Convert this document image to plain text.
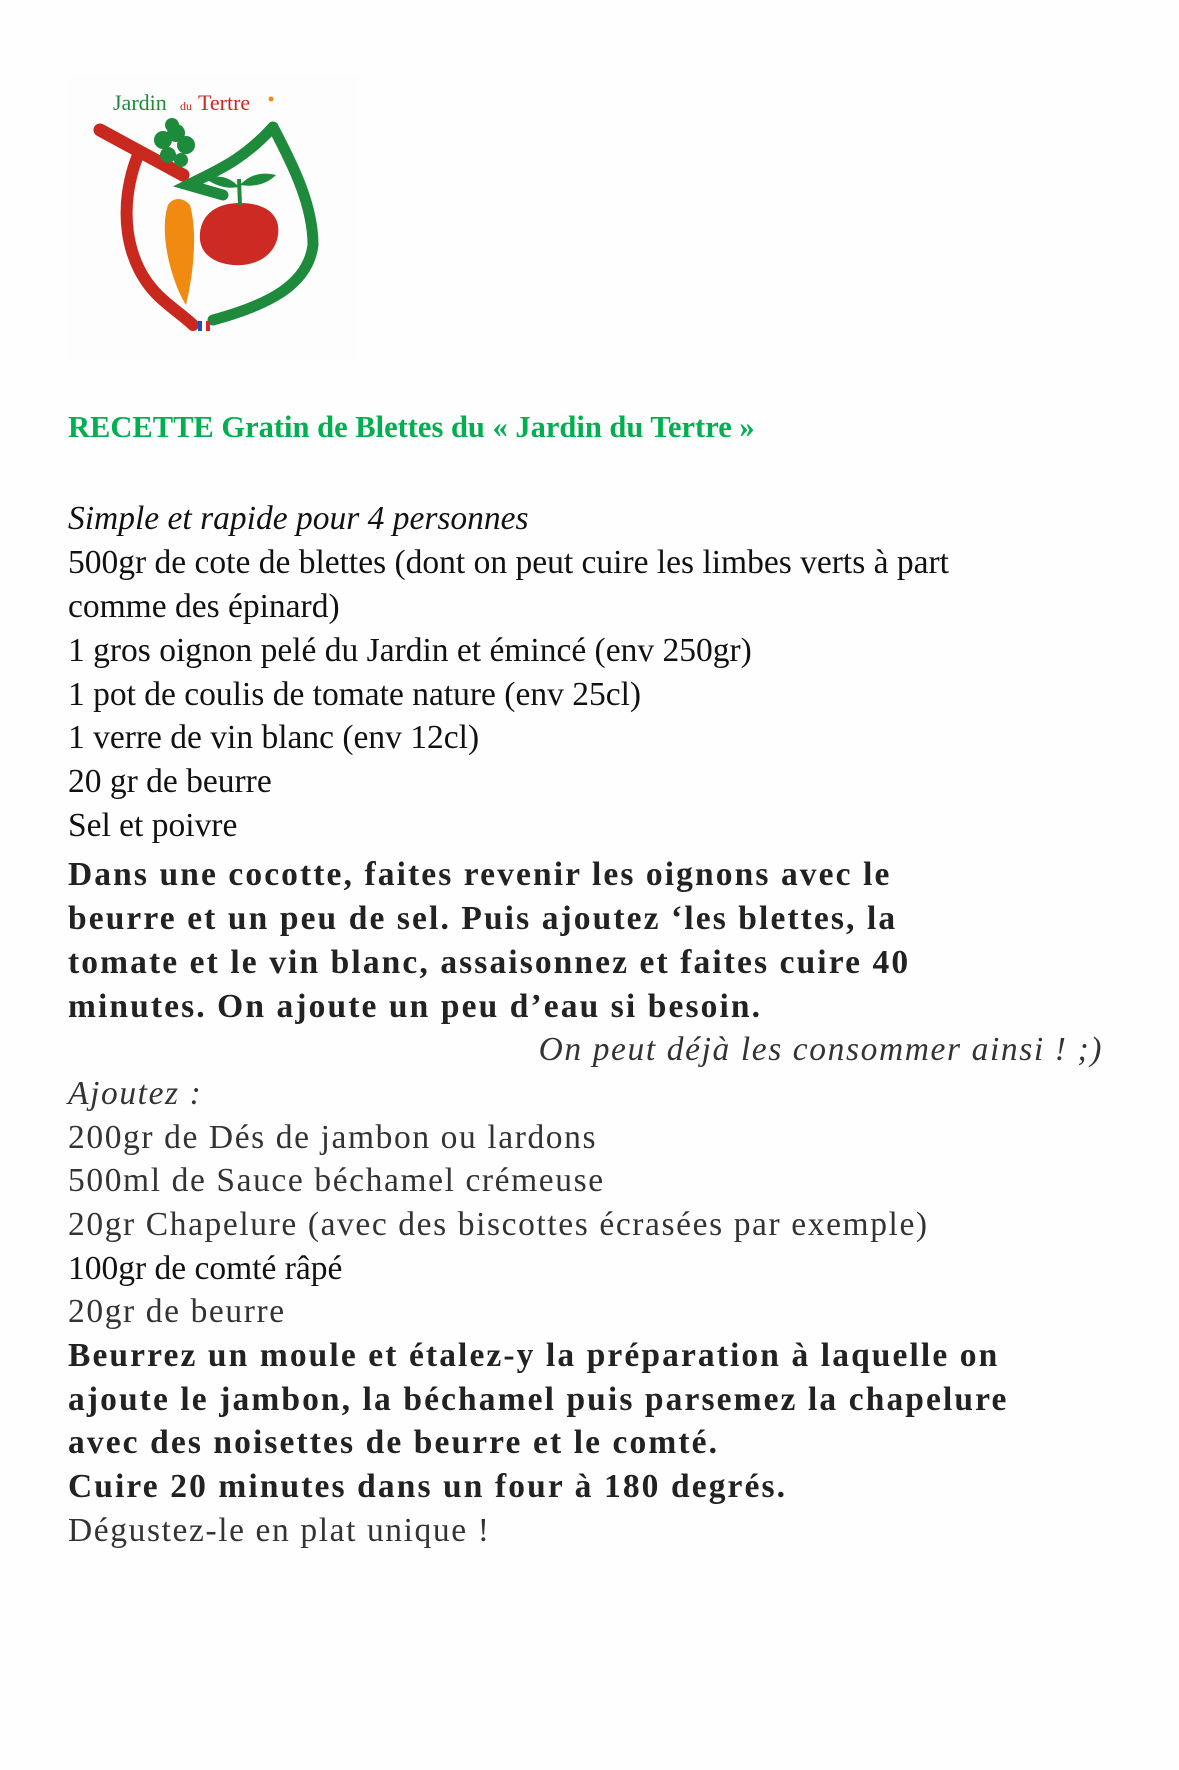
Jardin du Tertre
RECETTE Gratin de Blettes du « Jardin du Tertre »
Simple et rapide pour 4 personnes
500gr de cote de blettes (dont on peut cuire les limbes verts à part
comme des épinard)
1 gros oignon pelé du Jardin et émincé (env 250gr)
1 pot de coulis de tomate nature (env 25cl)
1 verre de vin blanc (env 12cl)
20 gr de beurre
Sel et poivre
Dans une cocotte, faites revenir les oignons avec le
beurre et un peu de sel. Puis ajoutez ‘les blettes, la
tomate et le vin blanc, assaisonnez et faites cuire 40
minutes. On ajoute un peu d’eau si besoin.
On peut déjà les consommer ainsi ! ;)
Ajoutez :
200gr de Dés de jambon ou lardons
500ml de Sauce béchamel crémeuse
20gr Chapelure (avec des biscottes écrasées par exemple)
100gr de comté râpé
20gr de beurre
Beurrez un moule et étalez-y la préparation à laquelle on
ajoute le jambon, la béchamel puis parsemez la chapelure
avec des noisettes de beurre et le comté.
Cuire 20 minutes dans un four à 180 degrés.
Dégustez-le en plat unique !
